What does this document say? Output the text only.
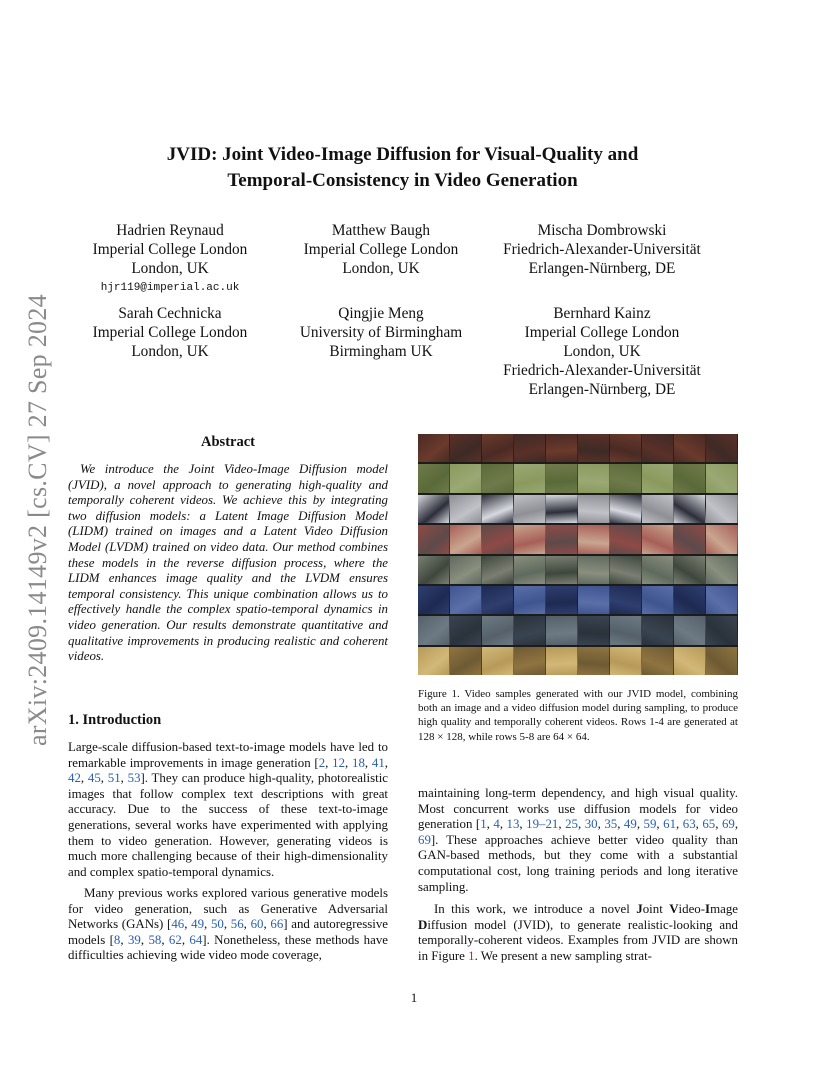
arXiv:2409.14149v2 [cs.CV] 27 Sep 2024
JVID: Joint Video-Image Diffusion for Visual-Quality and
Temporal-Consistency in Video Generation
Hadrien Reynaud
Imperial College London
London, UK
hjr119@imperial.ac.uk
Matthew Baugh
Imperial College London
London, UK
Mischa Dombrowski
Friedrich-Alexander-Universität
Erlangen-Nürnberg, DE
Sarah Cechnicka
Imperial College London
London, UK
Qingjie Meng
University of Birmingham
Birmingham UK
Bernhard Kainz
Imperial College London
London, UK
Friedrich-Alexander-Universität
Erlangen-Nürnberg, DE
Abstract

We introduce the Joint Video-Image Diffusion model (JVID), a novel approach to generating high-quality and temporally coherent videos. We achieve this by integrating two diffusion models: a Latent Image Diffusion Model (LIDM) trained on images and a Latent Video Diffusion Model (LVDM) trained on video data. Our method combines these models in the reverse diffusion process, where the LIDM enhances image quality and the LVDM ensures temporal consistency. This unique combination allows us to effectively handle the complex spatio-temporal dynamics in video generation. Our results demonstrate quantitative and qualitative improvements in producing realistic and coherent videos.

1. Introduction

Large-scale diffusion-based text-to-image models have led to remarkable improvements in image generation [2, 12, 18, 41, 42, 45, 51, 53]. They can produce high-quality, photorealistic images that follow complex text descriptions with great accuracy. Due to the success of these text-to-image generations, several works have experimented with applying them to video generation. However, generating videos is much more challenging because of their high-dimensionality and complex spatio-temporal dynamics.

Many previous works explored various generative models for video generation, such as Generative Adversarial Networks (GANs) [46, 49, 50, 56, 60, 66] and autoregressive models [8, 39, 58, 62, 64]. Nonetheless, these methods have difficulties achieving wide video mode coverage,

Figure 1. Video samples generated with our JVID model, combining both an image and a video diffusion model during sampling, to produce high quality and temporally coherent videos. Rows 1-4 are generated at 128 × 128, while rows 5-8 are 64 × 64.

maintaining long-term dependency, and high visual quality. Most concurrent works use diffusion models for video generation [1, 4, 13, 19–21, 25, 30, 35, 49, 59, 61, 63, 65, 69, 69]. These approaches achieve better video quality than GAN-based methods, but they come with a substantial computational cost, long training periods and long iterative sampling.

In this work, we introduce a novel Joint Video-Image Diffusion model (JVID), to generate realistic-looking and temporally-coherent videos. Examples from JVID are shown in Figure 1. We present a new sampling strat-

1
